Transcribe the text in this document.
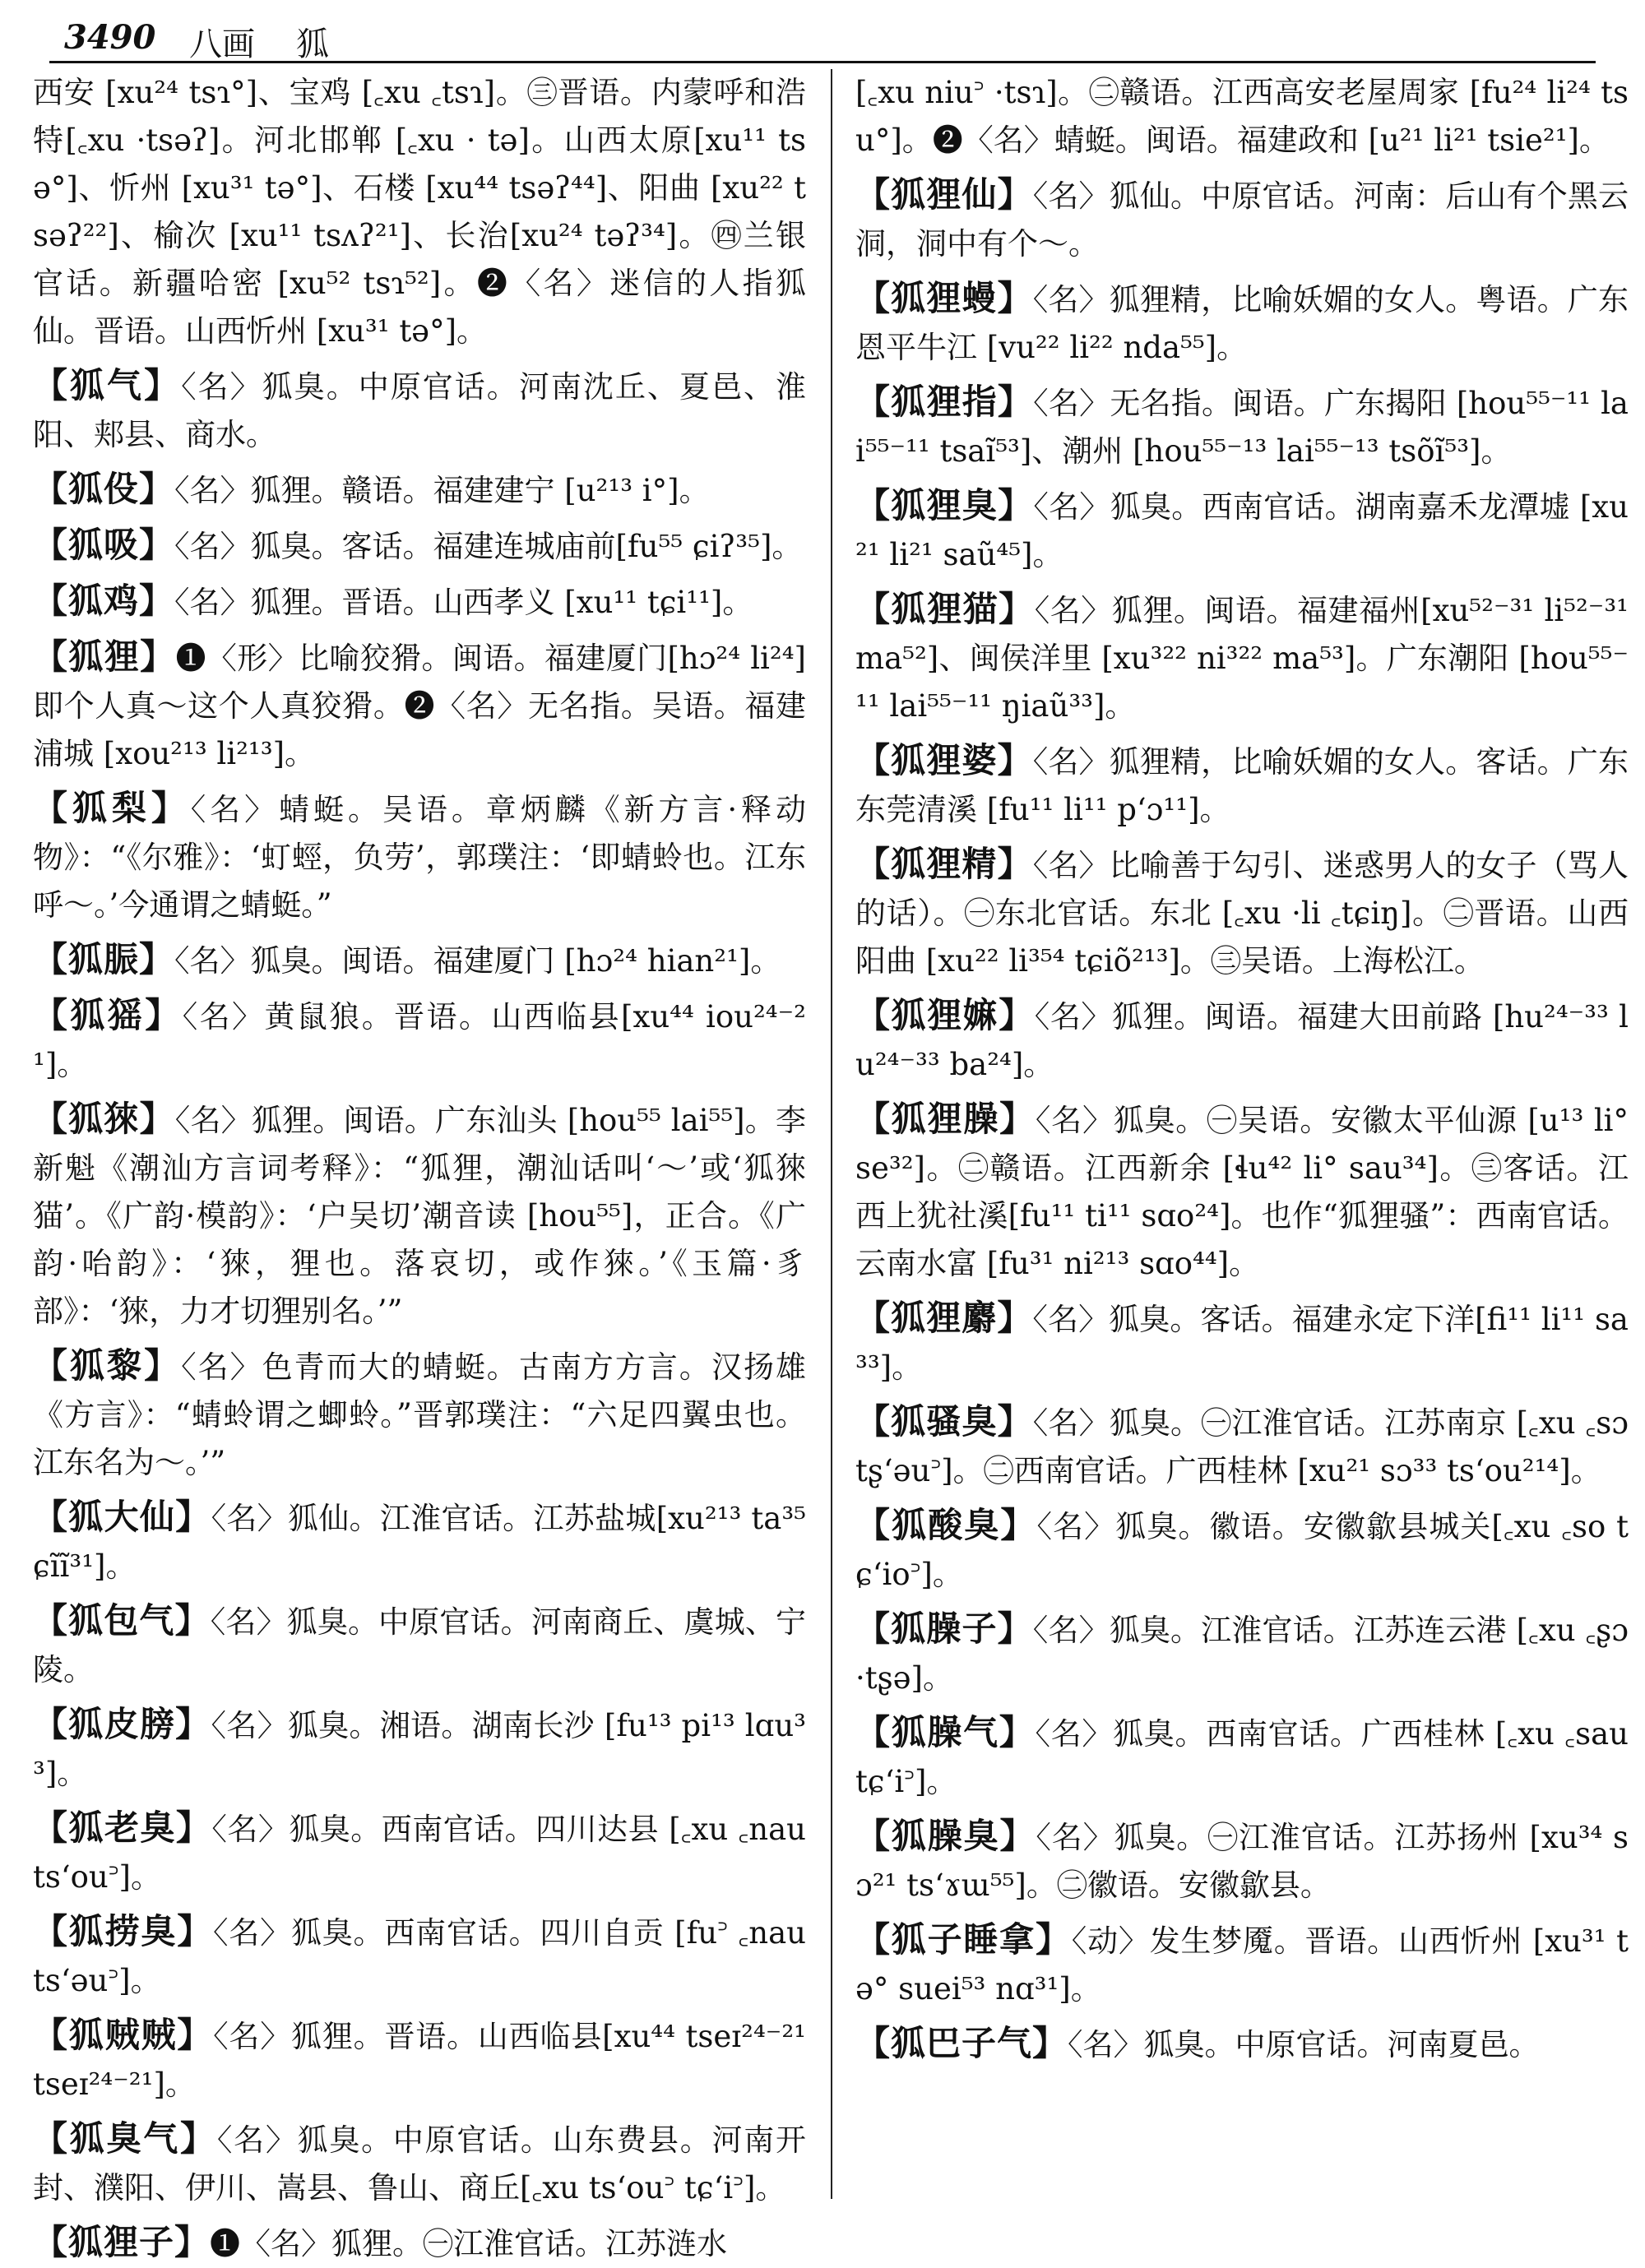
3490 八画 狐

西安 [xu²⁴ tsɿ°]、宝鸡 [꜀xu ꜀tsɿ]。㊂晋语。内蒙呼和浩特[꜀xu ·tsəʔ]。河北邯郸 [꜀xu · tə]。山西太原[xu¹¹ tsə°]、忻州 [xu³¹ tə°]、石楼 [xu⁴⁴ tsəʔ⁴⁴]、阳曲 [xu²² tsəʔ²²]、榆次 [xu¹¹ tsʌʔ²¹]、长治[xu²⁴ təʔ³⁴]。㊃兰银官话。新疆哈密 [xu⁵² tsɿ⁵²]。❷〈名〉迷信的人指狐仙。晋语。山西忻州 [xu³¹ tə°]。

【狐气】〈名〉狐臭。中原官话。河南沈丘、夏邑、淮阳、郏县、商水。

【狐伇】〈名〉狐狸。赣语。福建建宁 [u²¹³ i°]。

【狐吸】〈名〉狐臭。客话。福建连城庙前[fu⁵⁵ ɕiʔ³⁵]。

【狐鸡】〈名〉狐狸。晋语。山西孝义 [xu¹¹ tɕi¹¹]。

【狐狸】❶〈形〉比喻狡猾。闽语。福建厦门[hɔ²⁴ li²⁴] 即个人真～这个人真狡猾。❷〈名〉无名指。吴语。福建浦城 [xou²¹³ li²¹³]。

【狐梨】〈名〉蜻蜓。吴语。章炳麟《新方言·释动物》：“《尔雅》：‘虰蛵，负劳’，郭璞注：‘即蜻蛉也。江东呼～。’今通谓之蜻蜓。”

【狐脤】〈名〉狐臭。闽语。福建厦门 [hɔ²⁴ hian²¹]。

【狐猺】〈名〉黄鼠狼。晋语。山西临县[xu⁴⁴ iou²⁴⁻²¹]。

【狐猍】〈名〉狐狸。闽语。广东汕头 [hou⁵⁵ lai⁵⁵]。李新魁《潮汕方言词考释》：“狐狸，潮汕话叫‘～’或‘狐猍猫’。《广韵·模韵》：‘户吴切’潮音读 [hou⁵⁵]，正合。《广韵·咍韵》：‘猍，狸也。落哀切，或作猍。’《玉篇·豸部》：‘猍，力才切狸别名。’”

【狐黎】〈名〉色青而大的蜻蜓。古南方方言。汉扬雄《方言》：“蜻蛉谓之蝍蛉。”晋郭璞注：“六足四翼虫也。江东名为～。’”

【狐大仙】〈名〉狐仙。江淮官话。江苏盐城[xu²¹³ ta³⁵ ɕĩĩ³¹]。

【狐包气】〈名〉狐臭。中原官话。河南商丘、虞城、宁陵。

【狐皮膀】〈名〉狐臭。湘语。湖南长沙 [fu¹³ pi¹³ lɑu³³]。

【狐老臭】〈名〉狐臭。西南官话。四川达县 [꜀xu ꜀nau ts‘ou꜄]。

【狐捞臭】〈名〉狐臭。西南官话。四川自贡 [fu꜄ ꜀nau ts‘əu꜄]。

【狐贼贼】〈名〉狐狸。晋语。山西临县[xu⁴⁴ tseɪ²⁴⁻²¹ tseɪ²⁴⁻²¹]。

【狐臭气】〈名〉狐臭。中原官话。山东费县。河南开封、濮阳、伊川、嵩县、鲁山、商丘[꜀xu ts‘ou꜄ tɕ‘i꜄]。

【狐狸子】❶〈名〉狐狸。㊀江淮官话。江苏涟水

[꜀xu niu꜄ ·tsɿ]。㊁赣语。江西高安老屋周家 [fu²⁴ li²⁴ tsu°]。❷〈名〉蜻蜓。闽语。福建政和 [u²¹ li²¹ tsie²¹]。

【狐狸仙】〈名〉狐仙。中原官话。河南：后山有个黑云洞，洞中有个～。

【狐狸蟃】〈名〉狐狸精，比喻妖媚的女人。粤语。广东恩平牛江 [vu²² li²² nda⁵⁵]。

【狐狸指】〈名〉无名指。闽语。广东揭阳 [hou⁵⁵⁻¹¹ lai⁵⁵⁻¹¹ tsaĩ⁵³]、潮州 [hou⁵⁵⁻¹³ lai⁵⁵⁻¹³ tsõĩ⁵³]。

【狐狸臭】〈名〉狐臭。西南官话。湖南嘉禾龙潭墟 [xu²¹ li²¹ saũ⁴⁵]。

【狐狸猫】〈名〉狐狸。闽语。福建福州[xu⁵²⁻³¹ li⁵²⁻³¹ ma⁵²]、闽侯洋里 [xu³²² ni³²² ma⁵³]。广东潮阳 [hou⁵⁵⁻¹¹ lai⁵⁵⁻¹¹ ŋiaũ³³]。

【狐狸婆】〈名〉狐狸精，比喻妖媚的女人。客话。广东东莞清溪 [fu¹¹ li¹¹ p‘ɔ¹¹]。

【狐狸精】〈名〉比喻善于勾引、迷惑男人的女子（骂人的话）。㊀东北官话。东北 [꜀xu ·li ꜀tɕiŋ]。㊁晋语。山西阳曲 [xu²² li³⁵⁴ tɕiõ²¹³]。㊂吴语。上海松江。

【狐狸嫲】〈名〉狐狸。闽语。福建大田前路 [hu²⁴⁻³³ lu²⁴⁻³³ ba²⁴]。

【狐狸臊】〈名〉狐臭。㊀吴语。安徽太平仙源 [u¹³ li° se³²]。㊁赣语。江西新余 [ɬu⁴² li° sau³⁴]。㊂客话。江西上犹社溪[fu¹¹ ti¹¹ sɑo²⁴]。也作“狐狸骚”：西南官话。云南水富 [fu³¹ ni²¹³ sɑo⁴⁴]。

【狐狸麝】〈名〉狐臭。客话。福建永定下洋[fi¹¹ li¹¹ sa³³]。

【狐骚臭】〈名〉狐臭。㊀江淮官话。江苏南京 [꜀xu ꜀sɔ tʂ‘əu꜄]。㊁西南官话。广西桂林 [xu²¹ sɔ³³ ts‘ou²¹⁴]。

【狐酸臭】〈名〉狐臭。徽语。安徽歙县城关[꜀xu ꜀so tɕ‘io꜄]。

【狐臊子】〈名〉狐臭。江淮官话。江苏连云港 [꜀xu ꜀ʂɔ ·tʂə]。

【狐臊气】〈名〉狐臭。西南官话。广西桂林 [꜀xu ꜀sau tɕ‘i꜄]。

【狐臊臭】〈名〉狐臭。㊀江淮官话。江苏扬州 [xu³⁴ sɔ²¹ ts‘ɤɯ⁵⁵]。㊁徽语。安徽歙县。

【狐子睡拿】〈动〉发生梦魇。晋语。山西忻州 [xu³¹ tə° suei⁵³ nɑ³¹]。

【狐巴子气】〈名〉狐臭。中原官话。河南夏邑。
